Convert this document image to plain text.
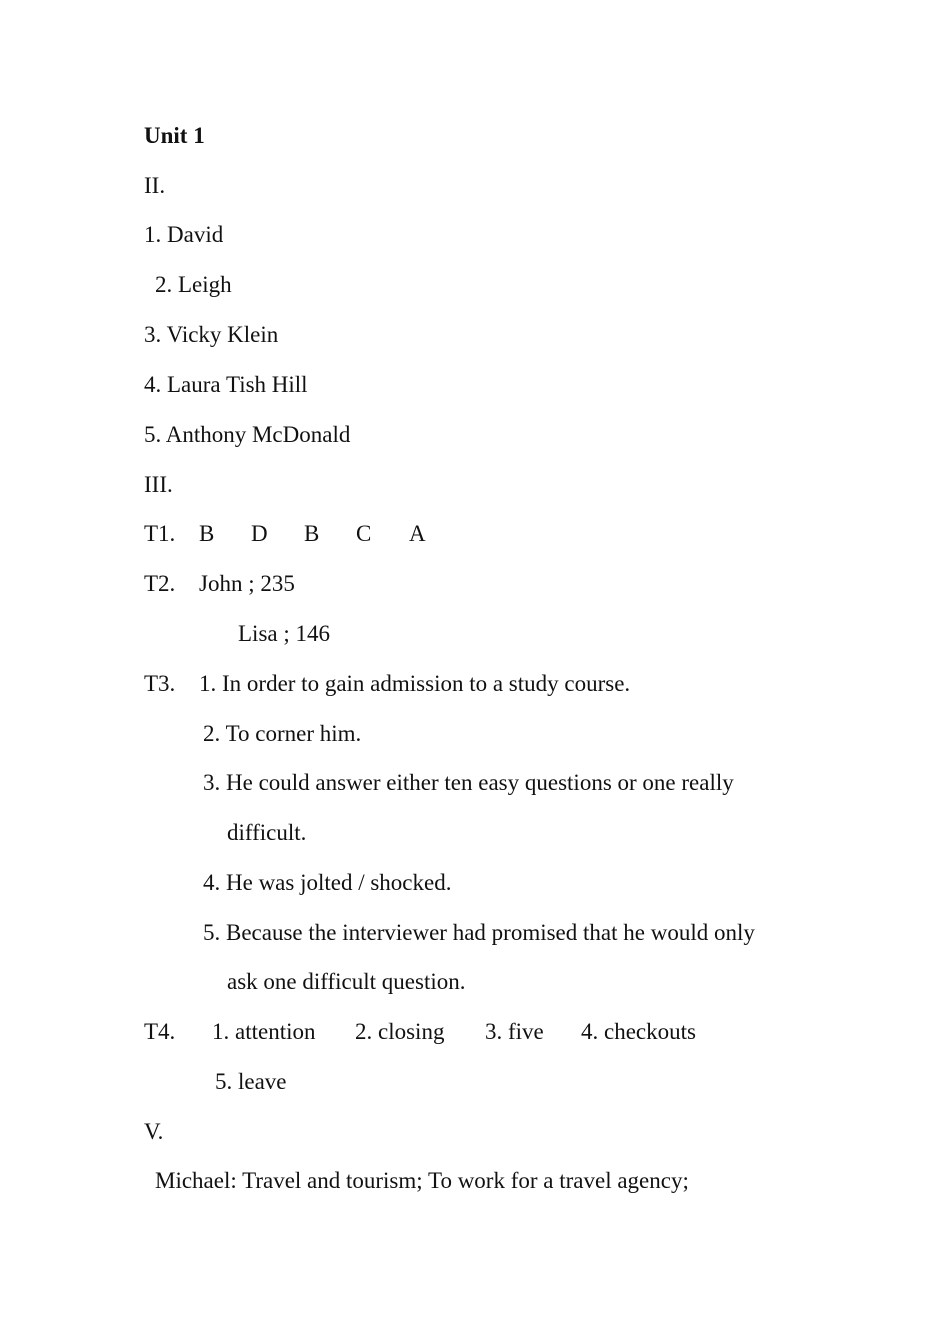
Unit 1
II.
1. David
2. Leigh
3. Vicky Klein
4. Laura Tish Hill
5. Anthony McDonald
III.
T1. B D B C A
T2. John ; 235
Lisa ; 146
T3. 1. In order to gain admission to a study course.
2. To corner him.
3. He could answer either ten easy questions or one really
difficult.
4. He was jolted / shocked.
5. Because the interviewer had promised that he would only
ask one difficult question.
T4. 1. attention 2. closing 3. five 4. checkouts
5. leave
V.
Michael: Travel and tourism; To work for a travel agency;
